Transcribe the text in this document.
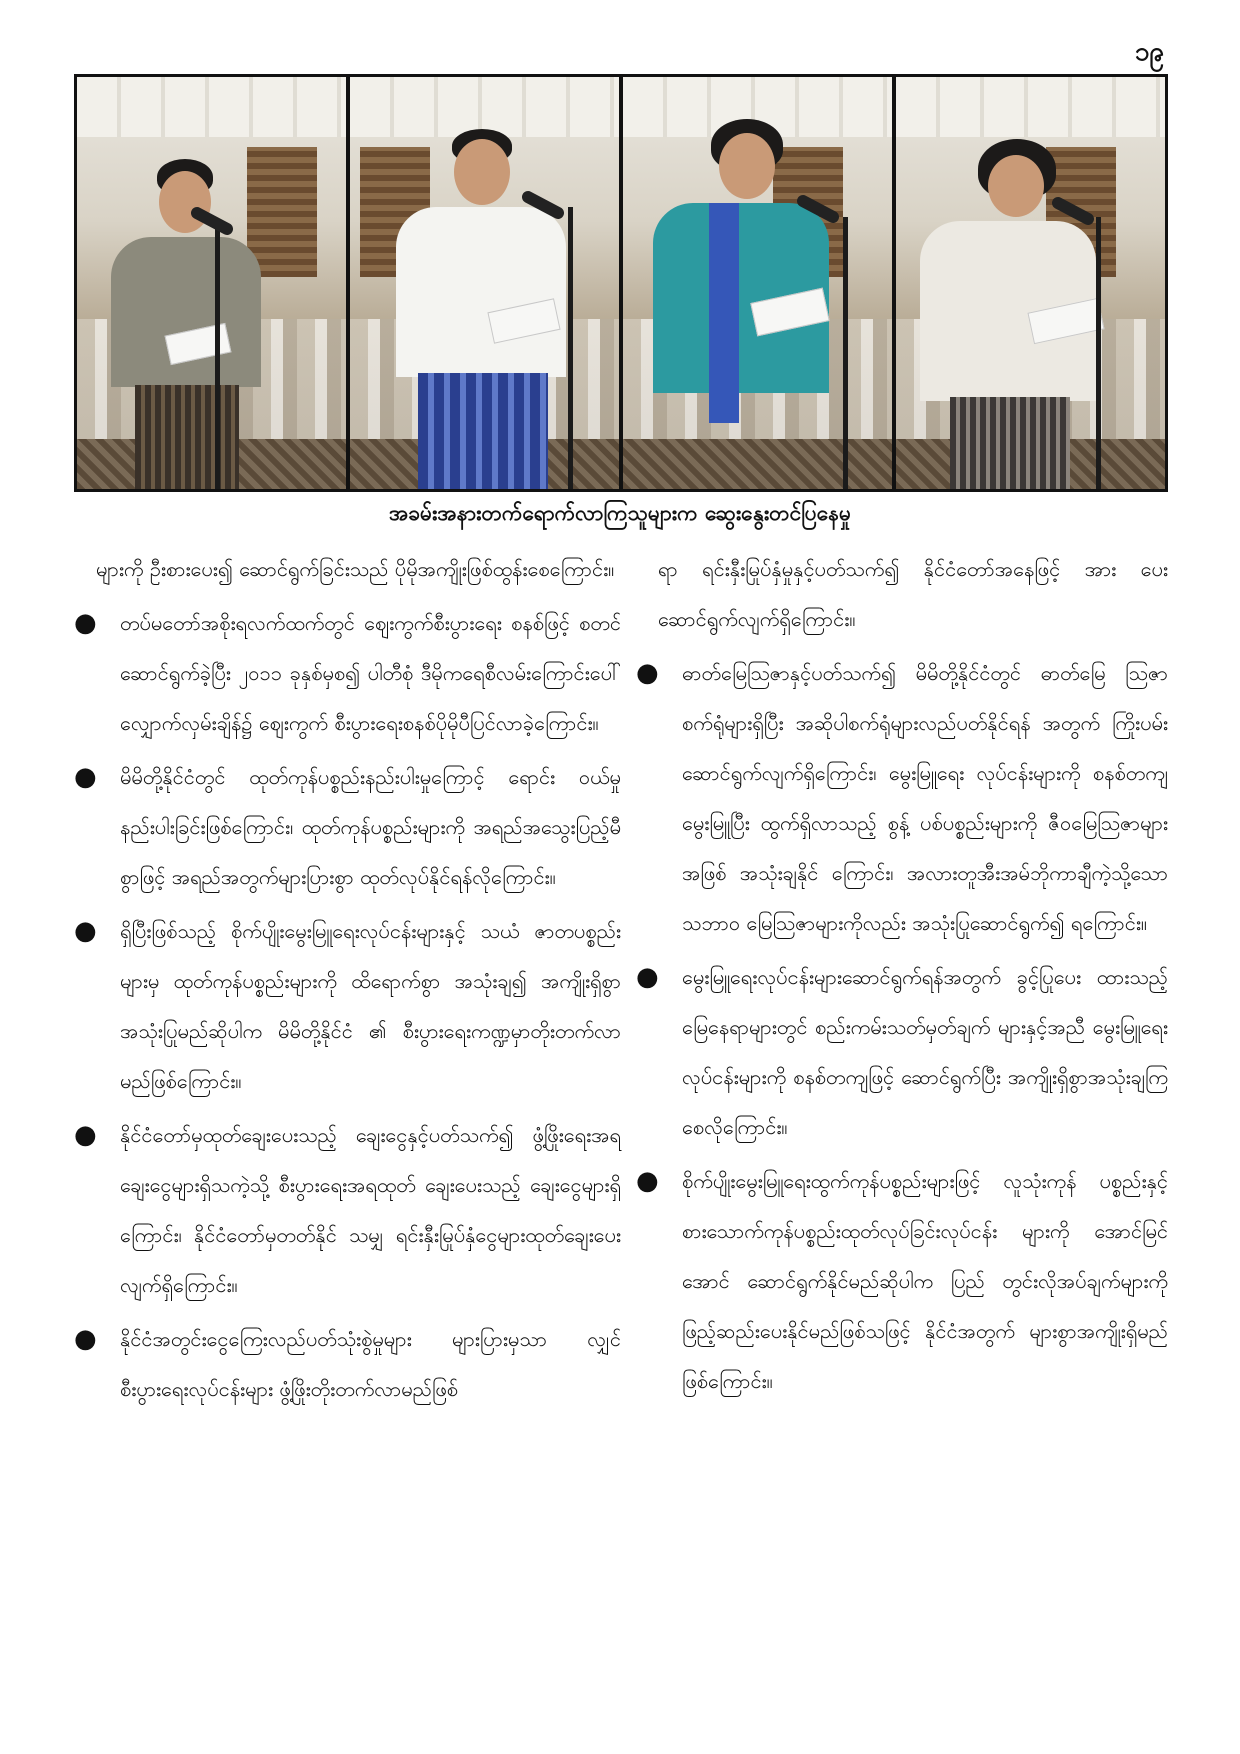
၁၉
အခမ်းအနားတက်ရောက်လာကြသူများက ဆွေးနွေးတင်ပြနေမှု

များကို ဦးစားပေး၍ ဆောင်ရွက်ခြင်းသည် ပိုမိုအကျိုးဖြစ်ထွန်းစေကြောင်း။

● တပ်မတော်အစိုးရလက်ထက်တွင် ဈေးကွက်စီးပွားရေး စနစ်ဖြင့် စတင်ဆောင်ရွက်ခဲ့ပြီး ၂၀၁၁ ခုနှစ်မှစ၍ ပါတီစုံ ဒီမိုကရေစီလမ်းကြောင်းပေါ် လျှောက်လှမ်းချိန်၌ ဈေးကွက် စီးပွားရေးစနစ်ပိုမိုပီပြင်လာခဲ့ကြောင်း။
● မိမိတို့နိုင်ငံတွင် ထုတ်ကုန်ပစ္စည်းနည်းပါးမှုကြောင့် ရောင်း ဝယ်မှုနည်းပါးခြင်းဖြစ်ကြောင်း၊ ထုတ်ကုန်ပစ္စည်းများကို အရည်အသွေးပြည့်မီစွာဖြင့် အရည်အတွက်များပြားစွာ ထုတ်လုပ်နိုင်ရန်လိုကြောင်း။
● ရှိပြီးဖြစ်သည့် စိုက်ပျိုးမွေးမြူရေးလုပ်ငန်းများနှင့် သယံ ဇာတပစ္စည်းများမှ ထုတ်ကုန်ပစ္စည်းများကို ထိရောက်စွာ အသုံးချ၍ အကျိုးရှိစွာ အသုံးပြုမည်ဆိုပါက မိမိတို့နိုင်ငံ ၏ စီးပွားရေးကဏ္ဍမှာတိုးတက်လာမည်ဖြစ်ကြောင်း။
● နိုင်ငံတော်မှထုတ်ချေးပေးသည့် ချေးငွေနှင့်ပတ်သက်၍ ဖွံ့ဖြိုးရေးအရ ချေးငွေများရှိသကဲ့သို့ စီးပွားရေးအရထုတ် ချေးပေးသည့် ချေးငွေများရှိကြောင်း၊ နိုင်ငံတော်မှတတ်နိုင် သမျှ ရင်းနှီးမြုပ်နှံငွေများထုတ်ချေးပေးလျက်ရှိကြောင်း။
● နိုင်ငံအတွင်းငွေကြေးလည်ပတ်သုံးစွဲမှုများ များပြားမှသာ လျှင် စီးပွားရေးလုပ်ငန်းများ ဖွံ့ဖြိုးတိုးတက်လာမည်ဖြစ်

ရာ ရင်းနှီးမြုပ်နှံမှုနှင့်ပတ်သက်၍ နိုင်ငံတော်အနေဖြင့် အား ပေးဆောင်ရွက်လျက်ရှိကြောင်း။

● ဓာတ်မြေဩဇာနှင့်ပတ်သက်၍ မိမိတို့နိုင်ငံတွင် ဓာတ်မြေ ဩဇာစက်ရုံများရှိပြီး အဆိုပါစက်ရုံများလည်ပတ်နိုင်ရန် အတွက် ကြိုးပမ်းဆောင်ရွက်လျက်ရှိကြောင်း၊ မွေးမြူရေး လုပ်ငန်းများကို စနစ်တကျမွေးမြူပြီး ထွက်ရှိလာသည့် စွန့် ပစ်ပစ္စည်းများကို ဇီဝမြေဩဇာများအဖြစ် အသုံးချနိုင် ကြောင်း၊ အလားတူအီးအမ်ဘိုကာချီကဲ့သို့သော သဘာဝ မြေဩဇာများကိုလည်း အသုံးပြုဆောင်ရွက်၍ ရကြောင်း။
● မွေးမြူရေးလုပ်ငန်းများဆောင်ရွက်ရန်အတွက် ခွင့်ပြုပေး ထားသည့် မြေနေရာများတွင် စည်းကမ်းသတ်မှတ်ချက် များနှင့်အညီ မွေးမြူရေးလုပ်ငန်းများကို စနစ်တကျဖြင့် ဆောင်ရွက်ပြီး အကျိုးရှိစွာအသုံးချကြစေလိုကြောင်း။
● စိုက်ပျိုးမွေးမြူရေးထွက်ကုန်ပစ္စည်းများဖြင့် လူသုံးကုန် ပစ္စည်းနှင့် စားသောက်ကုန်ပစ္စည်းထုတ်လုပ်ခြင်းလုပ်ငန်း များကို အောင်မြင်အောင် ဆောင်ရွက်နိုင်မည်ဆိုပါက ပြည် တွင်းလိုအပ်ချက်များကို ဖြည့်ဆည်းပေးနိုင်မည်ဖြစ်သဖြင့် နိုင်ငံအတွက် များစွာအကျိုးရှိမည်ဖြစ်ကြောင်း။
